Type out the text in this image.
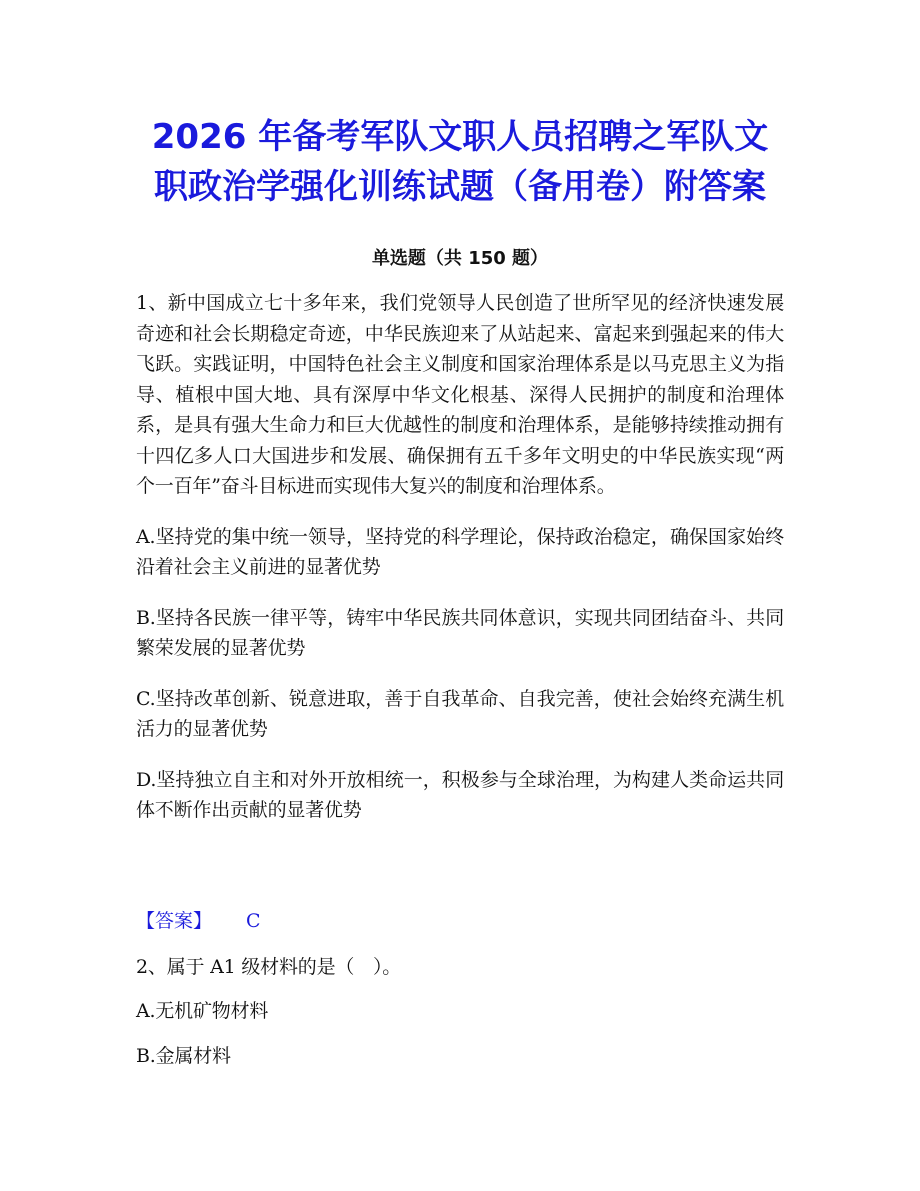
2026 年备考军队文职人员招聘之军队文职政治学强化训练试题（备用卷）附答案
单选题（共 150 题）

1、新中国成立七十多年来，我们党领导人民创造了世所罕见的经济快速发展奇迹和社会长期稳定奇迹，中华民族迎来了从站起来、富起来到强起来的伟大飞跃。实践证明，中国特色社会主义制度和国家治理体系是以马克思主义为指导、植根中国大地、具有深厚中华文化根基、深得人民拥护的制度和治理体系，是具有强大生命力和巨大优越性的制度和治理体系，是能够持续推动拥有十四亿多人口大国进步和发展、确保拥有五千多年文明史的中华民族实现“两个一百年”奋斗目标进而实现伟大复兴的制度和治理体系。

A.坚持党的集中统一领导，坚持党的科学理论，保持政治稳定，确保国家始终沿着社会主义前进的显著优势

B.坚持各民族一律平等，铸牢中华民族共同体意识，实现共同团结奋斗、共同繁荣发展的显著优势

C.坚持改革创新、锐意进取，善于自我革命、自我完善，使社会始终充满生机活力的显著优势

D.坚持独立自主和对外开放相统一，积极参与全球治理，为构建人类命运共同体不断作出贡献的显著优势

【答案】 C

2、属于 A1 级材料的是（　）。

A.无机矿物材料

B.金属材料
